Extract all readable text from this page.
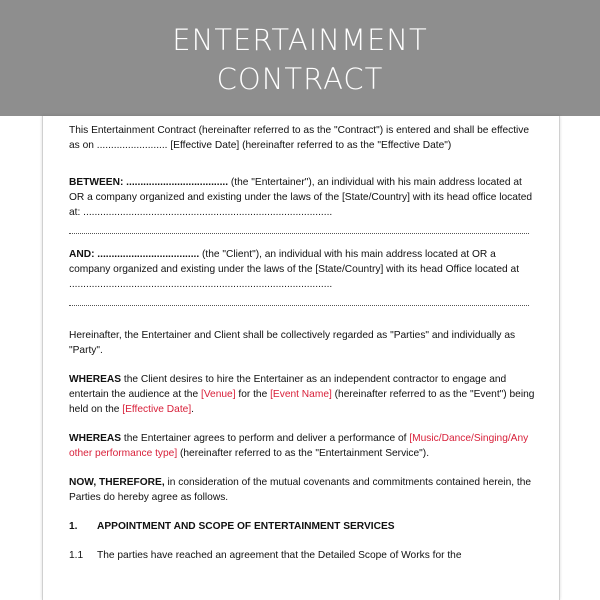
ENTERTAINMENT
CONTRACT

This Entertainment Contract (hereinafter referred to as the "Contract") is entered and shall be effective as on ......................... [Effective Date] (hereinafter referred to as the "Effective Date")

BETWEEN: .................................... (the "Entertainer"), an individual with his main address located at OR a company organized and existing under the laws of the [State/Country] with its head office located at: ........................................................................................

AND: .................................... (the "Client"), an individual with his main address located at OR a company organized and existing under the laws of the [State/Country] with its head Office located at .............................................................................................

Hereinafter, the Entertainer and Client shall be collectively regarded as "Parties" and individually as "Party".

WHEREAS the Client desires to hire the Entertainer as an independent contractor to engage and entertain the audience at the [Venue] for the [Event Name] (hereinafter referred to as the "Event") being held on the [Effective Date].

WHEREAS the Entertainer agrees to perform and deliver a performance of [Music/Dance/Singing/Any other performance type] (hereinafter referred to as the "Entertainment Service").

NOW, THEREFORE, in consideration of the mutual covenants and commitments contained herein, the Parties do hereby agree as follows.

1.	APPOINTMENT AND SCOPE OF ENTERTAINMENT SERVICES
1.1	The parties have reached an agreement that the Detailed Scope of Works for the
